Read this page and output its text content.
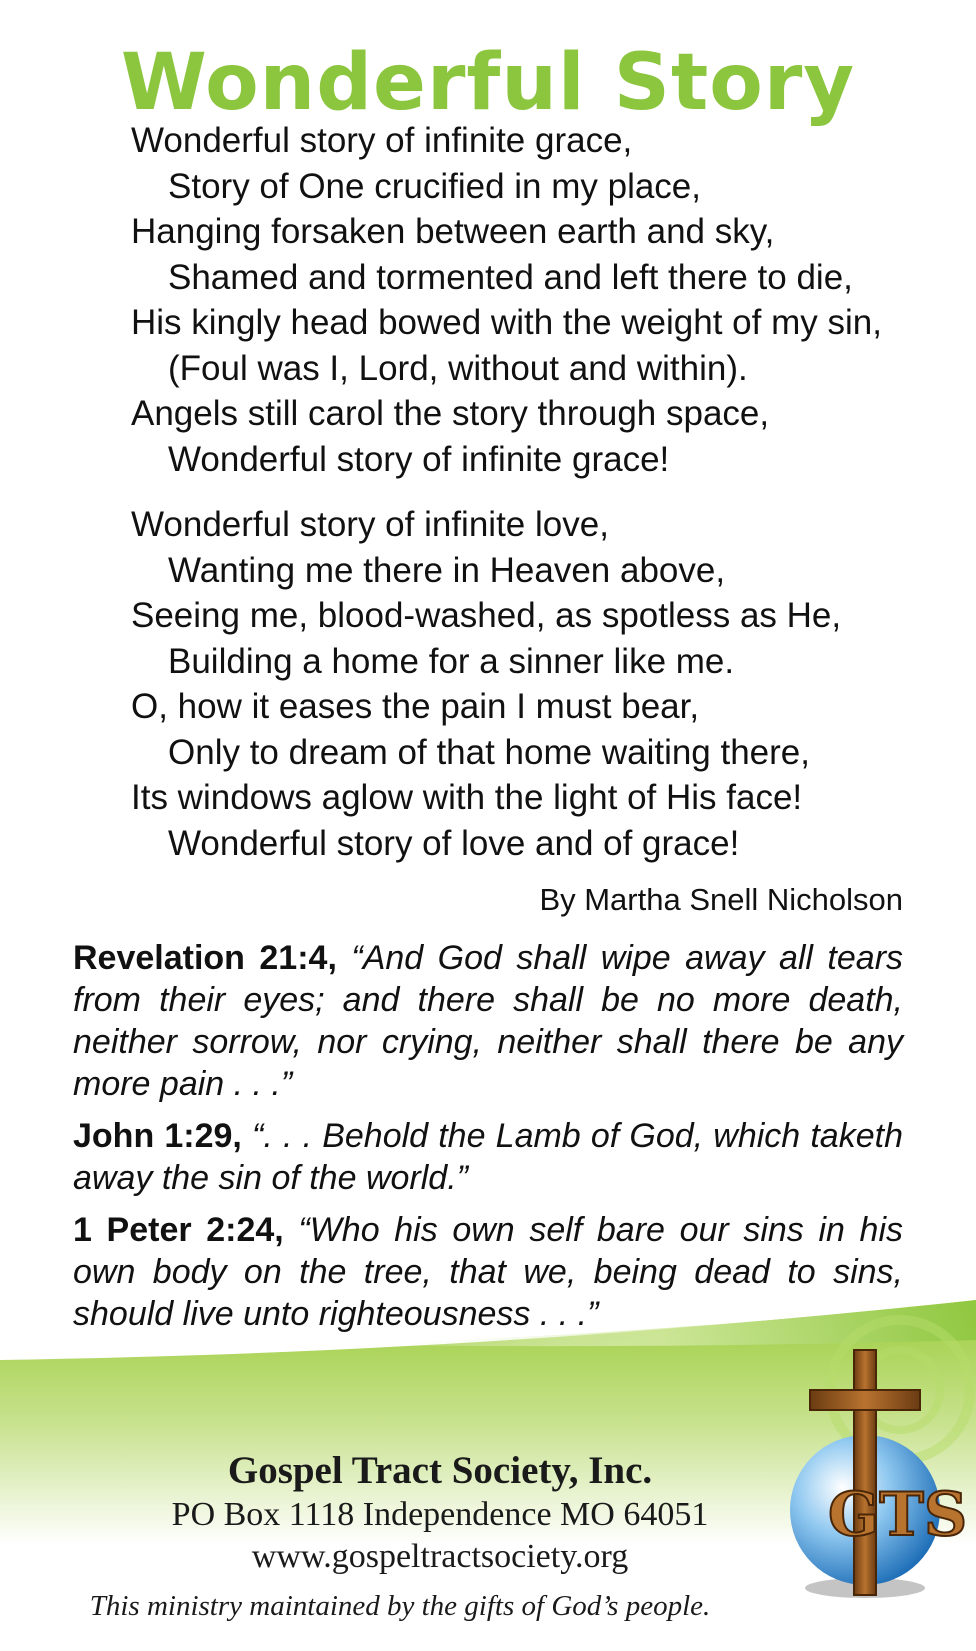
Wonderful Story
Wonderful story of infinite grace,
Story of One crucified in my place,
Hanging forsaken between earth and sky,
Shamed and tormented and left there to die,
His kingly head bowed with the weight of my sin,
(Foul was I, Lord, without and within).
Angels still carol the story through space,
Wonderful story of infinite grace!
Wonderful story of infinite love,
Wanting me there in Heaven above,
Seeing me, blood-washed, as spotless as He,
Building a home for a sinner like me.
O, how it eases the pain I must bear,
Only to dream of that home waiting there,
Its windows aglow with the light of His face!
Wonderful story of love and of grace!
By Martha Snell Nicholson
Revelation 21:4, “And God shall wipe away all tears from their eyes; and there shall be no more death, neither sorrow, nor crying, neither shall there be any more pain . . .”
John 1:29, “. . . Behold the Lamb of God, which taketh away the sin of the world.”
1 Peter 2:24, “Who his own self bare our sins in his own body on the tree, that we, being dead to sins, should live unto righteousness . . .”
Gospel Tract Society, Inc.
PO Box 1118 Independence MO 64051
www.gospeltractsociety.org
This ministry maintained by the gifts of God’s people.
GTS
